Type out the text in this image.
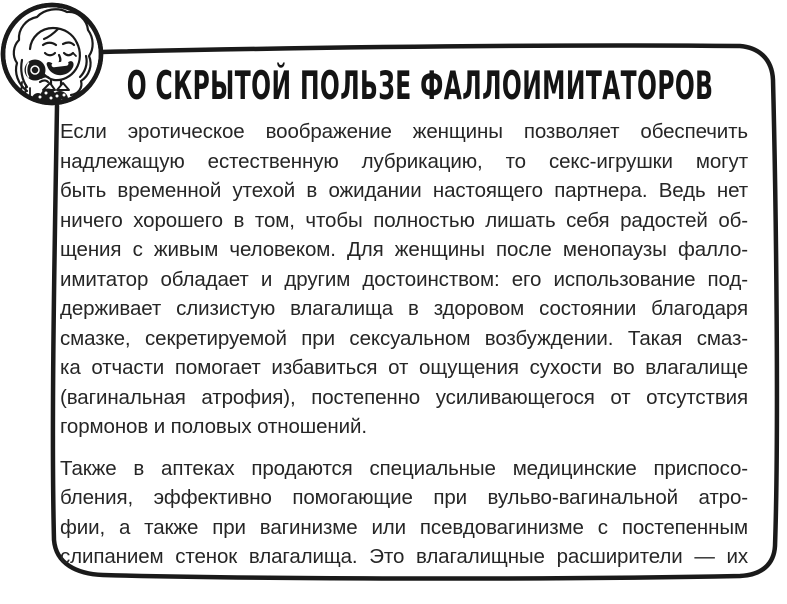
О СКРЫТОЙ ПОЛЬЗЕ ФАЛЛОИМИТАТОРОВ
Если эротическое воображение женщины позволяет обеспечить
надлежащую естественную лубрикацию, то секс-игрушки могут
быть временной утехой в ожидании настоящего партнера. Ведь нет
ничего хорошего в том, чтобы полностью лишать себя радостей об-
щения с живым человеком. Для женщины после менопаузы фалло-
имитатор обладает и другим достоинством: его использование под-
держивает слизистую влагалища в здоровом состоянии благодаря
смазке, секретируемой при сексуальном возбуждении. Такая смаз-
ка отчасти помогает избавиться от ощущения сухости во влагалище
(вагинальная атрофия), постепенно усиливающегося от отсутствия
гормонов и половых отношений.
Также в аптеках продаются специальные медицинские приспосо-
бления, эффективно помогающие при вульво-вагинальной атро-
фии, а также при вагинизме или псевдовагинизме с постепенным
слипанием стенок влагалища. Это влагалищные расширители — их
